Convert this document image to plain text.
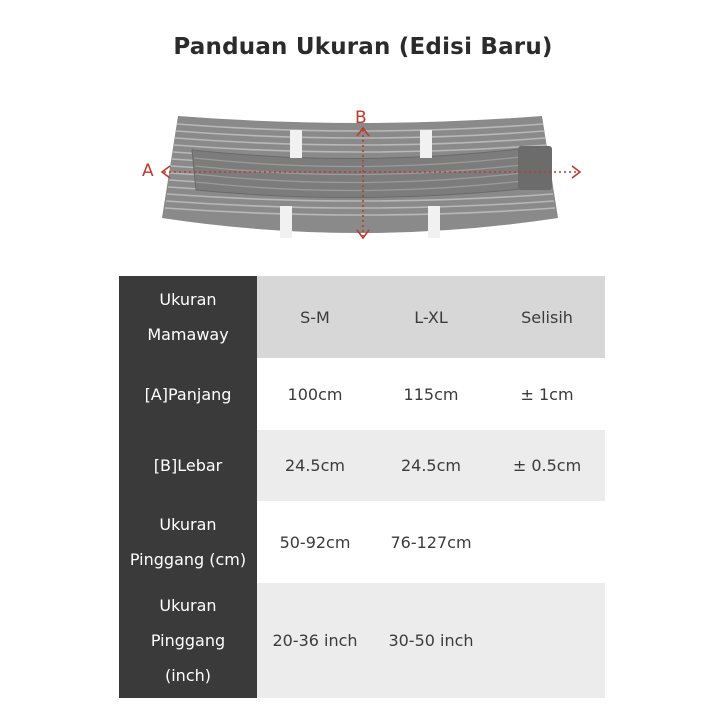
Panduan Ukuran (Edisi Baru)
A
B
Ukuran
Mamaway	S-M	L-XL	Selisih

[A]Panjang	100cm	115cm	± 1cm

[B]Lebar	24.5cm	24.5cm	± 0.5cm

Ukuran
Pinggang (cm)	50-92cm	76-127cm	

Ukuran
Pinggang
(inch)	20-36 inch	30-50 inch	
